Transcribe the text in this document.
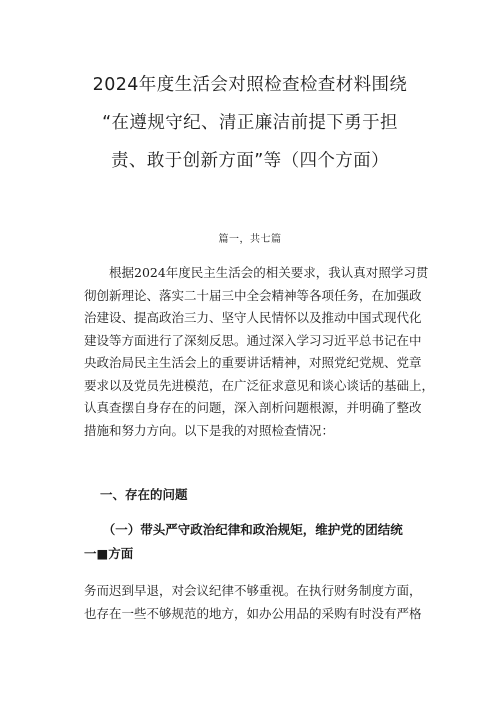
2024年度生活会对照检查检查材料围绕
“在遵规守纪、清正廉洁前提下勇于担
责、敢于创新方面”等（四个方面）
篇一，共七篇

　　根据2024年度民主生活会的相关要求，我认真对照学习贯
彻创新理论、落实二十届三中全会精神等各项任务，在加强政
治建设、提高政治三力、坚守人民情怀以及推动中国式现代化
建设等方面进行了深刻反思。通过深入学习习近平总书记在中
央政治局民主生活会上的重要讲话精神，对照党纪党规、党章
要求以及党员先进模范，在广泛征求意见和谈心谈话的基础上，
认真查摆自身存在的问题，深入剖析问题根源，并明确了整改
措施和努力方向。以下是我的对照检查情况：

一、存在的问题
　　（一）带头严守政治纪律和政治规矩，维护党的团结统
一■方面

务而迟到早退，对会议纪律不够重视。在执行财务制度方面，
也存在一些不够规范的地方，如办公用品的采购有时没有严格
